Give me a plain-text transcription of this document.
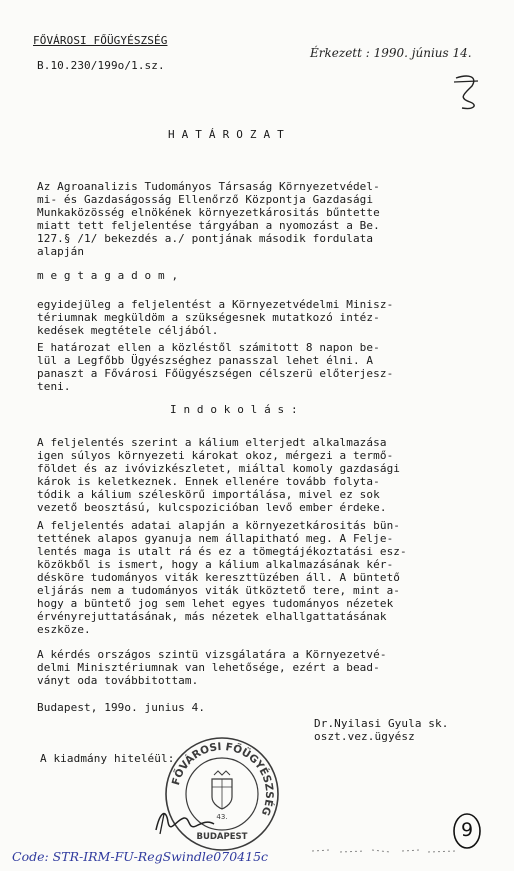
FŐVÁROSI FŐÜGYÉSZSÉG
B.10.230/199o/1.sz.
Érkezett : 1990. június 14.
H A T Á R O Z A T
Az Agroanalizis Tudományos Társaság Környezetvédel-
mi- és Gazdaságosság Ellenőrző Központja Gazdasági
Munkaközösség elnökének környezetkárositás bűntette
miatt tett feljelentése tárgyában a nyomozást a Be.
127.§ /1/ bekezdés a./ pontjának második fordulata
alapján
m e g t a g a d o m ,
egyidejüleg a feljelentést a Környezetvédelmi Minisz-
tériumnak megküldöm a szükségesnek mutatkozó intéz-
kedések megtétele céljából.
E határozat ellen a közléstől számitott 8 napon be-
lül a Legfőbb Ügyészséghez panasszal lehet élni. A
panaszt a Fővárosi Főügyészségen célszerü előterjesz-
teni.
I n d o k o l á s :
A feljelentés szerint a kálium elterjedt alkalmazása
igen súlyos környezeti károkat okoz, mérgezi a termő-
földet és az ivóvizkészletet, miáltal komoly gazdasági
károk is keletkeznek. Ennek ellenére tovább folyta-
tódik a kálium széleskörű importálása, mivel ez sok
vezető beosztású, kulcspozicióban levő ember érdeke.
A feljelentés adatai alapján a környezetkárositás bün-
tettének alapos gyanuja nem állapitható meg. A Felje-
lentés maga is utalt rá és ez a tömegtájékoztatási esz-
közökből is ismert, hogy a kálium alkalmazásának kér-
désköre tudományos viták kereszttüzében áll. A büntető
eljárás nem a tudományos viták ütköztető tere, mint a-
hogy a büntető jog sem lehet egyes tudományos nézetek
érvényrejuttatásának, más nézetek elhallgattatásának
eszköze.
A kérdés országos szintü vizsgálatára a Környezetvé-
delmi Minisztériumnak van lehetősége, ezért a bead-
ványt oda továbbitottam.
Budapest, 199o. junius 4.
Dr.Nyilasi Gyula sk.
oszt.vez.ügyész
A kiadmány hiteléül:
FŐVÁROSI FŐÜGYÉSZSÉG
43.
BUDAPEST	9
Code: STR-IRM-FU-RegSwindle070415c
